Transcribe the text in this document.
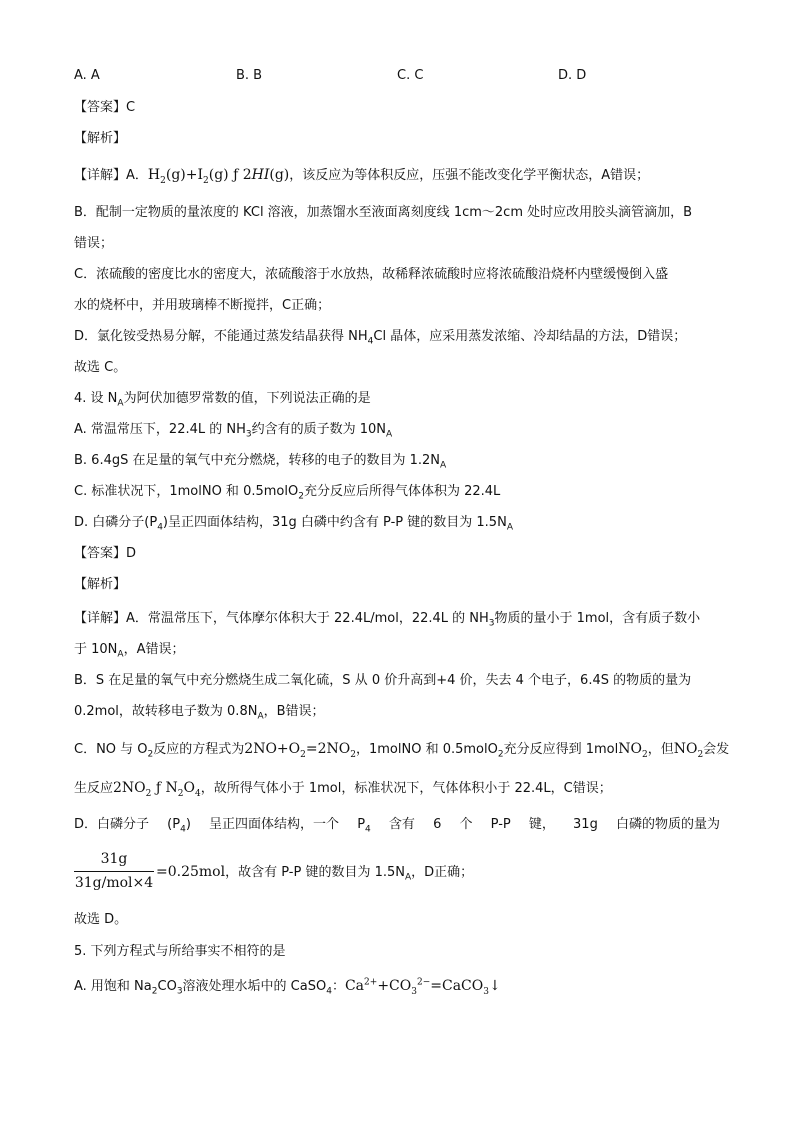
A. A	B. B	C. C	D. D
【答案】C
【解析】
【详解】A．$H_2(g)+I_2(g)$ ƒ 2HI(g)，该反应为等体积反应，压强不能改变化学平衡状态，A错误；
B．配制一定物质的量浓度的 KCl 溶液，加蒸馏水至液面离刻度线 1cm～2cm 处时应改用胶头滴管滴加，B
错误；
C．浓硫酸的密度比水的密度大，浓硫酸溶于水放热，故稀释浓硫酸时应将浓硫酸沿烧杯内壁缓慢倒入盛
水的烧杯中，并用玻璃棒不断搅拌，C正确；
D．氯化铵受热易分解，不能通过蒸发结晶获得 $NH_4Cl$ 晶体，应采用蒸发浓缩、冷却结晶的方法，D错误；
故选 C。
4. 设 $N_A$为阿伏加德罗常数的值，下列说法正确的是
A. 常温常压下，22.4L 的 $NH_3$约含有的质子数为 $10N_A$
B. 6.4gS 在足量的氧气中充分燃烧，转移的电子的数目为 $1.2N_A$
C. 标准状况下，1molNO 和 0.5molO$_2$充分反应后所得气体体积为 22.4L
D. 白磷分子$(P_4)$呈正四面体结构，31g 白磷中约含有 P-P 键的数目为 $1.5N_A$
【答案】D
【解析】
【详解】A．常温常压下，气体摩尔体积大于 22.4L/mol，22.4L 的 $NH_3$物质的量小于 1mol，含有质子数小
于 $10N_A$，A错误；
B．S 在足量的氧气中充分燃烧生成二氧化硫，S 从 0 价升高到+4 价，失去 4 个电子，6.4S 的物质的量为
0.2mol，故转移电子数为 $0.8N_A$，B错误；
C．NO 与 $O_2$反应的方程式为$2NO+O_2=2NO_2$，1molNO 和 0.5molO$_2$充分反应得到 1molNO$_2$，但$NO_2$会发
生反应$2NO_2$ ƒ $N_2O_4$，故所得气体小于 1mol，标准状况下，气体体积小于 22.4L，C错误；
D．白磷分子 $(P_4)$ 呈正四面体结构，一个 $P_4$ 含有 6 个 P-P 键， 31g 白磷的物质的量为
31g
31g/mol×4
=0.25mol，故含有 P-P 键的数目为 $1.5N_A$，D正确；
故选 D。
5. 下列方程式与所给事实不相符的是
A. 用饱和 $Na_2CO_3$溶液处理水垢中的 CaSO$_4$：$Ca^{2+}+CO_3^{2-}=CaCO_3↓$
